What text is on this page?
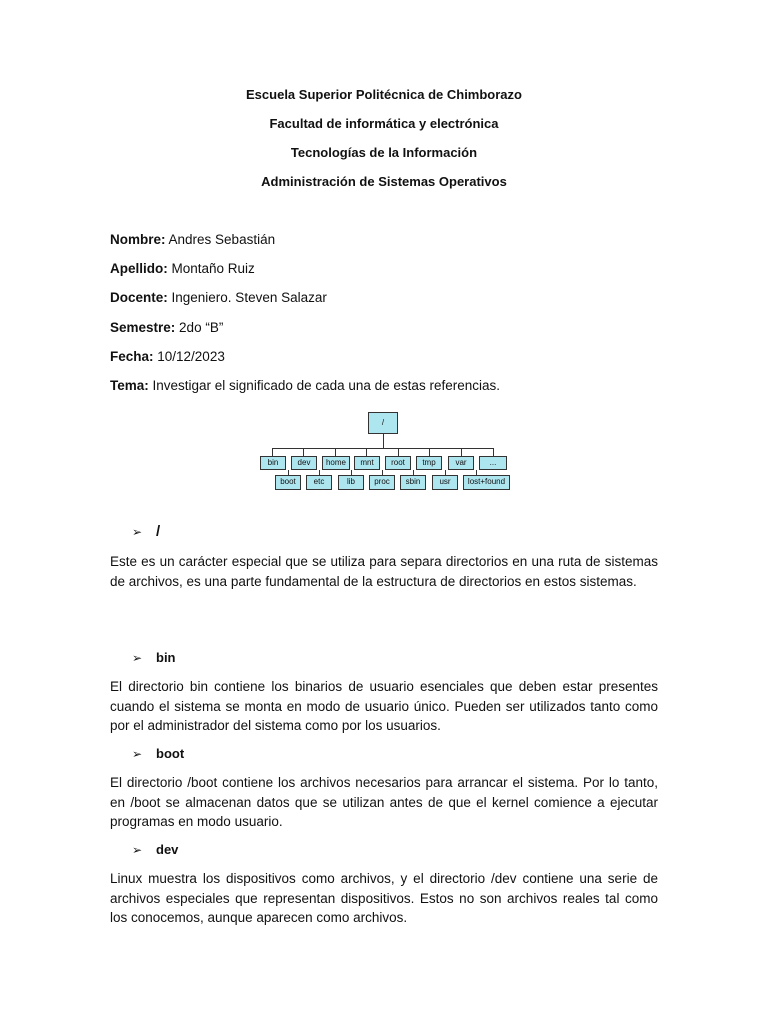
Escuela Superior Politécnica de Chimborazo
Facultad de informática y electrónica
Tecnologías de la Información
Administración de Sistemas Operativos
Nombre: Andres Sebastián
Apellido: Montaño Ruiz
Docente: Ingeniero. Steven Salazar
Semestre: 2do “B”
Fecha: 10/12/2023
Tema: Investigar el significado de cada una de estas referencias.
/
bin	dev	home	mnt	root	tmp	var	...
boot	etc	lib	proc	sbin	usr	lost+found
➢ /
Este es un carácter especial que se utiliza para separa directorios en una ruta de sistemas de archivos, es una parte fundamental de la estructura de directorios en estos sistemas.
➢ bin
El directorio bin contiene los binarios de usuario esenciales que deben estar presentes cuando el sistema se monta en modo de usuario único. Pueden ser utilizados tanto como por el administrador del sistema como por los usuarios.
➢ boot
El directorio /boot contiene los archivos necesarios para arrancar el sistema. Por lo tanto, en /boot se almacenan datos que se utilizan antes de que el kernel comience a ejecutar programas en modo usuario.
➢ dev
Linux muestra los dispositivos como archivos, y el directorio /dev contiene una serie de archivos especiales que representan dispositivos. Estos no son archivos reales tal como los conocemos, aunque aparecen como archivos.
